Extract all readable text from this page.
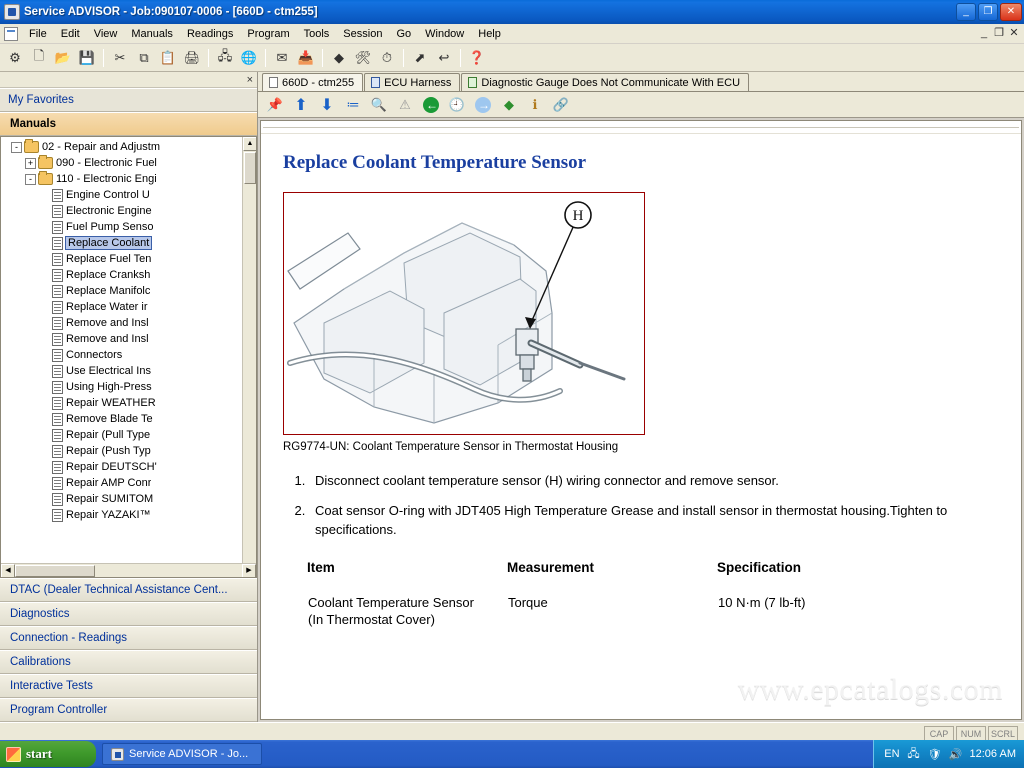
Service ADVISOR - Job:090107-0006 - [660D - ctm255]	_	❐	✕
File	Edit	View	Manuals	Readings	Program	Tools	Session	Go	Window	Help	_ ❐ ✕
⚙ 🗋 📂 💾	✂	⧉ 📋 🖨 🖧 🌐	✉ 📥	◆ 🛠 ⏱	⬈	↩	❓
×
My Favorites
Manuals
-	02 - Repair and Adjustm
+ 090 - Electronic Fuel
-	110 - Electronic Engi
Engine Control U
Electronic Engine
Fuel Pump Senso
Replace Coolant
Replace Fuel Ten
Replace Cranksh
Replace Manifolc
Replace Water ir
Remove and Insl
Remove and Insl
Connectors
Use Electrical Ins
Using High-Press
Repair WEATHER
Remove Blade Te
Repair (Pull Type
Repair (Push Typ
Repair DEUTSCH'
Repair AMP Conr
Repair SUMITOM
Repair YAZAKI™
▲
◀	▶
DTAC (Dealer Technical Assistance Cent...
Diagnostics
Connection - Readings
Calibrations
Interactive Tests
Program Controller
660D - ctm255	ECU Harness	Diagnostic Gauge Does Not Communicate With ECU
📌 ⬆ ⬇ ≔ 🔍 ⚠	← 🕘 →	◆	ℹ	🔗
Replace Coolant Temperature Sensor
H
RG9774-UN: Coolant Temperature Sensor in Thermostat Housing
1. Disconnect coolant temperature sensor (H) wiring connector and remove sensor.
2. Coat sensor O-ring with JDT405 High Temperature Grease and install sensor in thermostat housing.Tighten to specifications.
Item	Measurement	Specification
Coolant Temperature Sensor (In Thermostat Cover)	Torque	10 N·m (7 lb-ft)
www.epcatalogs.com
CAP	NUM	SCRL
start	Service ADVISOR - Jo...	EN 🖧 🛡 🔊 12:06 AM
